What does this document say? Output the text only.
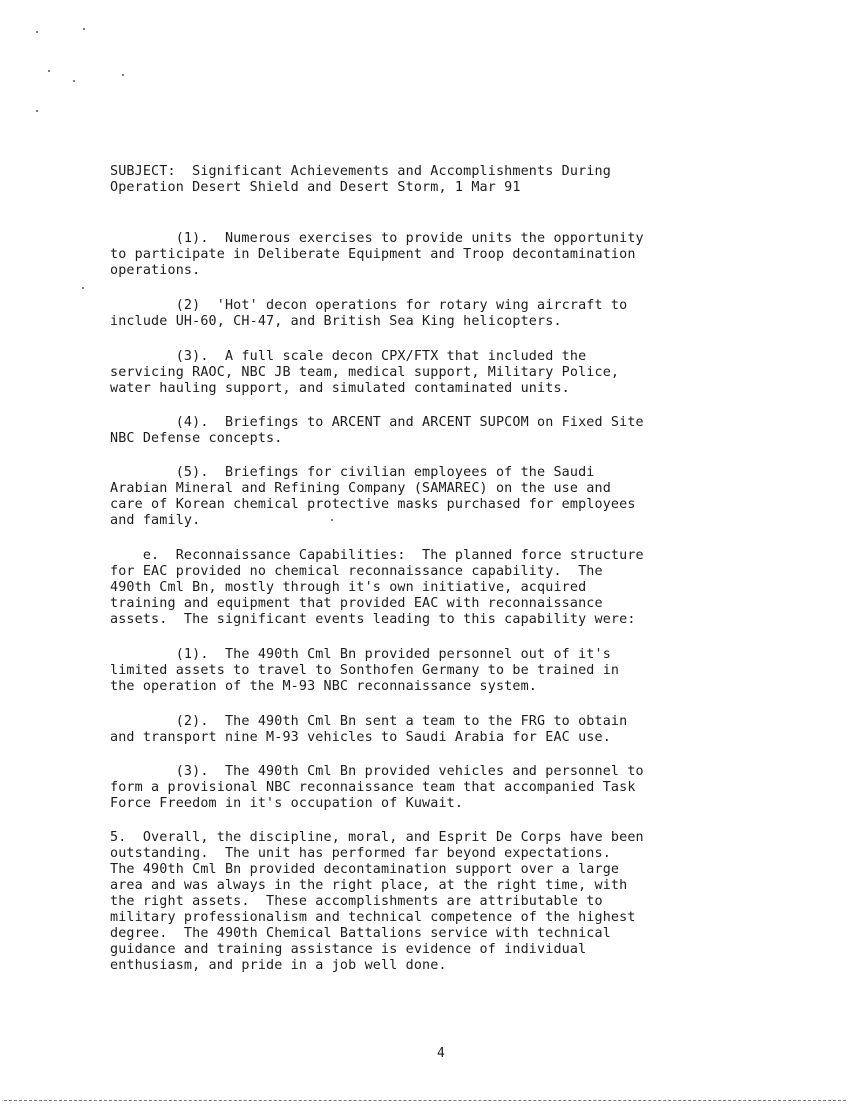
SUBJECT:  Significant Achievements and Accomplishments During
Operation Desert Shield and Desert Storm, 1 Mar 91
(1).  Numerous exercises to provide units the opportunity
to participate in Deliberate Equipment and Troop decontamination
operations.
(2)  'Hot' decon operations for rotary wing aircraft to
include UH-60, CH-47, and British Sea King helicopters.
(3).  A full scale decon CPX/FTX that included the
servicing RAOC, NBC JB team, medical support, Military Police,
water hauling support, and simulated contaminated units.
(4).  Briefings to ARCENT and ARCENT SUPCOM on Fixed Site
NBC Defense concepts.
(5).  Briefings for civilian employees of the Saudi
Arabian Mineral and Refining Company (SAMAREC) on the use and
care of Korean chemical protective masks purchased for employees
and family.
e.  Reconnaissance Capabilities:  The planned force structure
for EAC provided no chemical reconnaissance capability.  The
490th Cml Bn, mostly through it's own initiative, acquired
training and equipment that provided EAC with reconnaissance
assets.  The significant events leading to this capability were:
(1).  The 490th Cml Bn provided personnel out of it's
limited assets to travel to Sonthofen Germany to be trained in
the operation of the M-93 NBC reconnaissance system.
(2).  The 490th Cml Bn sent a team to the FRG to obtain
and transport nine M-93 vehicles to Saudi Arabia for EAC use.
(3).  The 490th Cml Bn provided vehicles and personnel to
form a provisional NBC reconnaissance team that accompanied Task
Force Freedom in it's occupation of Kuwait.
5.  Overall, the discipline, moral, and Esprit De Corps have been
outstanding.  The unit has performed far beyond expectations.
The 490th Cml Bn provided decontamination support over a large
area and was always in the right place, at the right time, with
the right assets.  These accomplishments are attributable to
military professionalism and technical competence of the highest
degree.  The 490th Chemical Battalions service with technical
guidance and training assistance is evidence of individual
enthusiasm, and pride in a job well done.
4
